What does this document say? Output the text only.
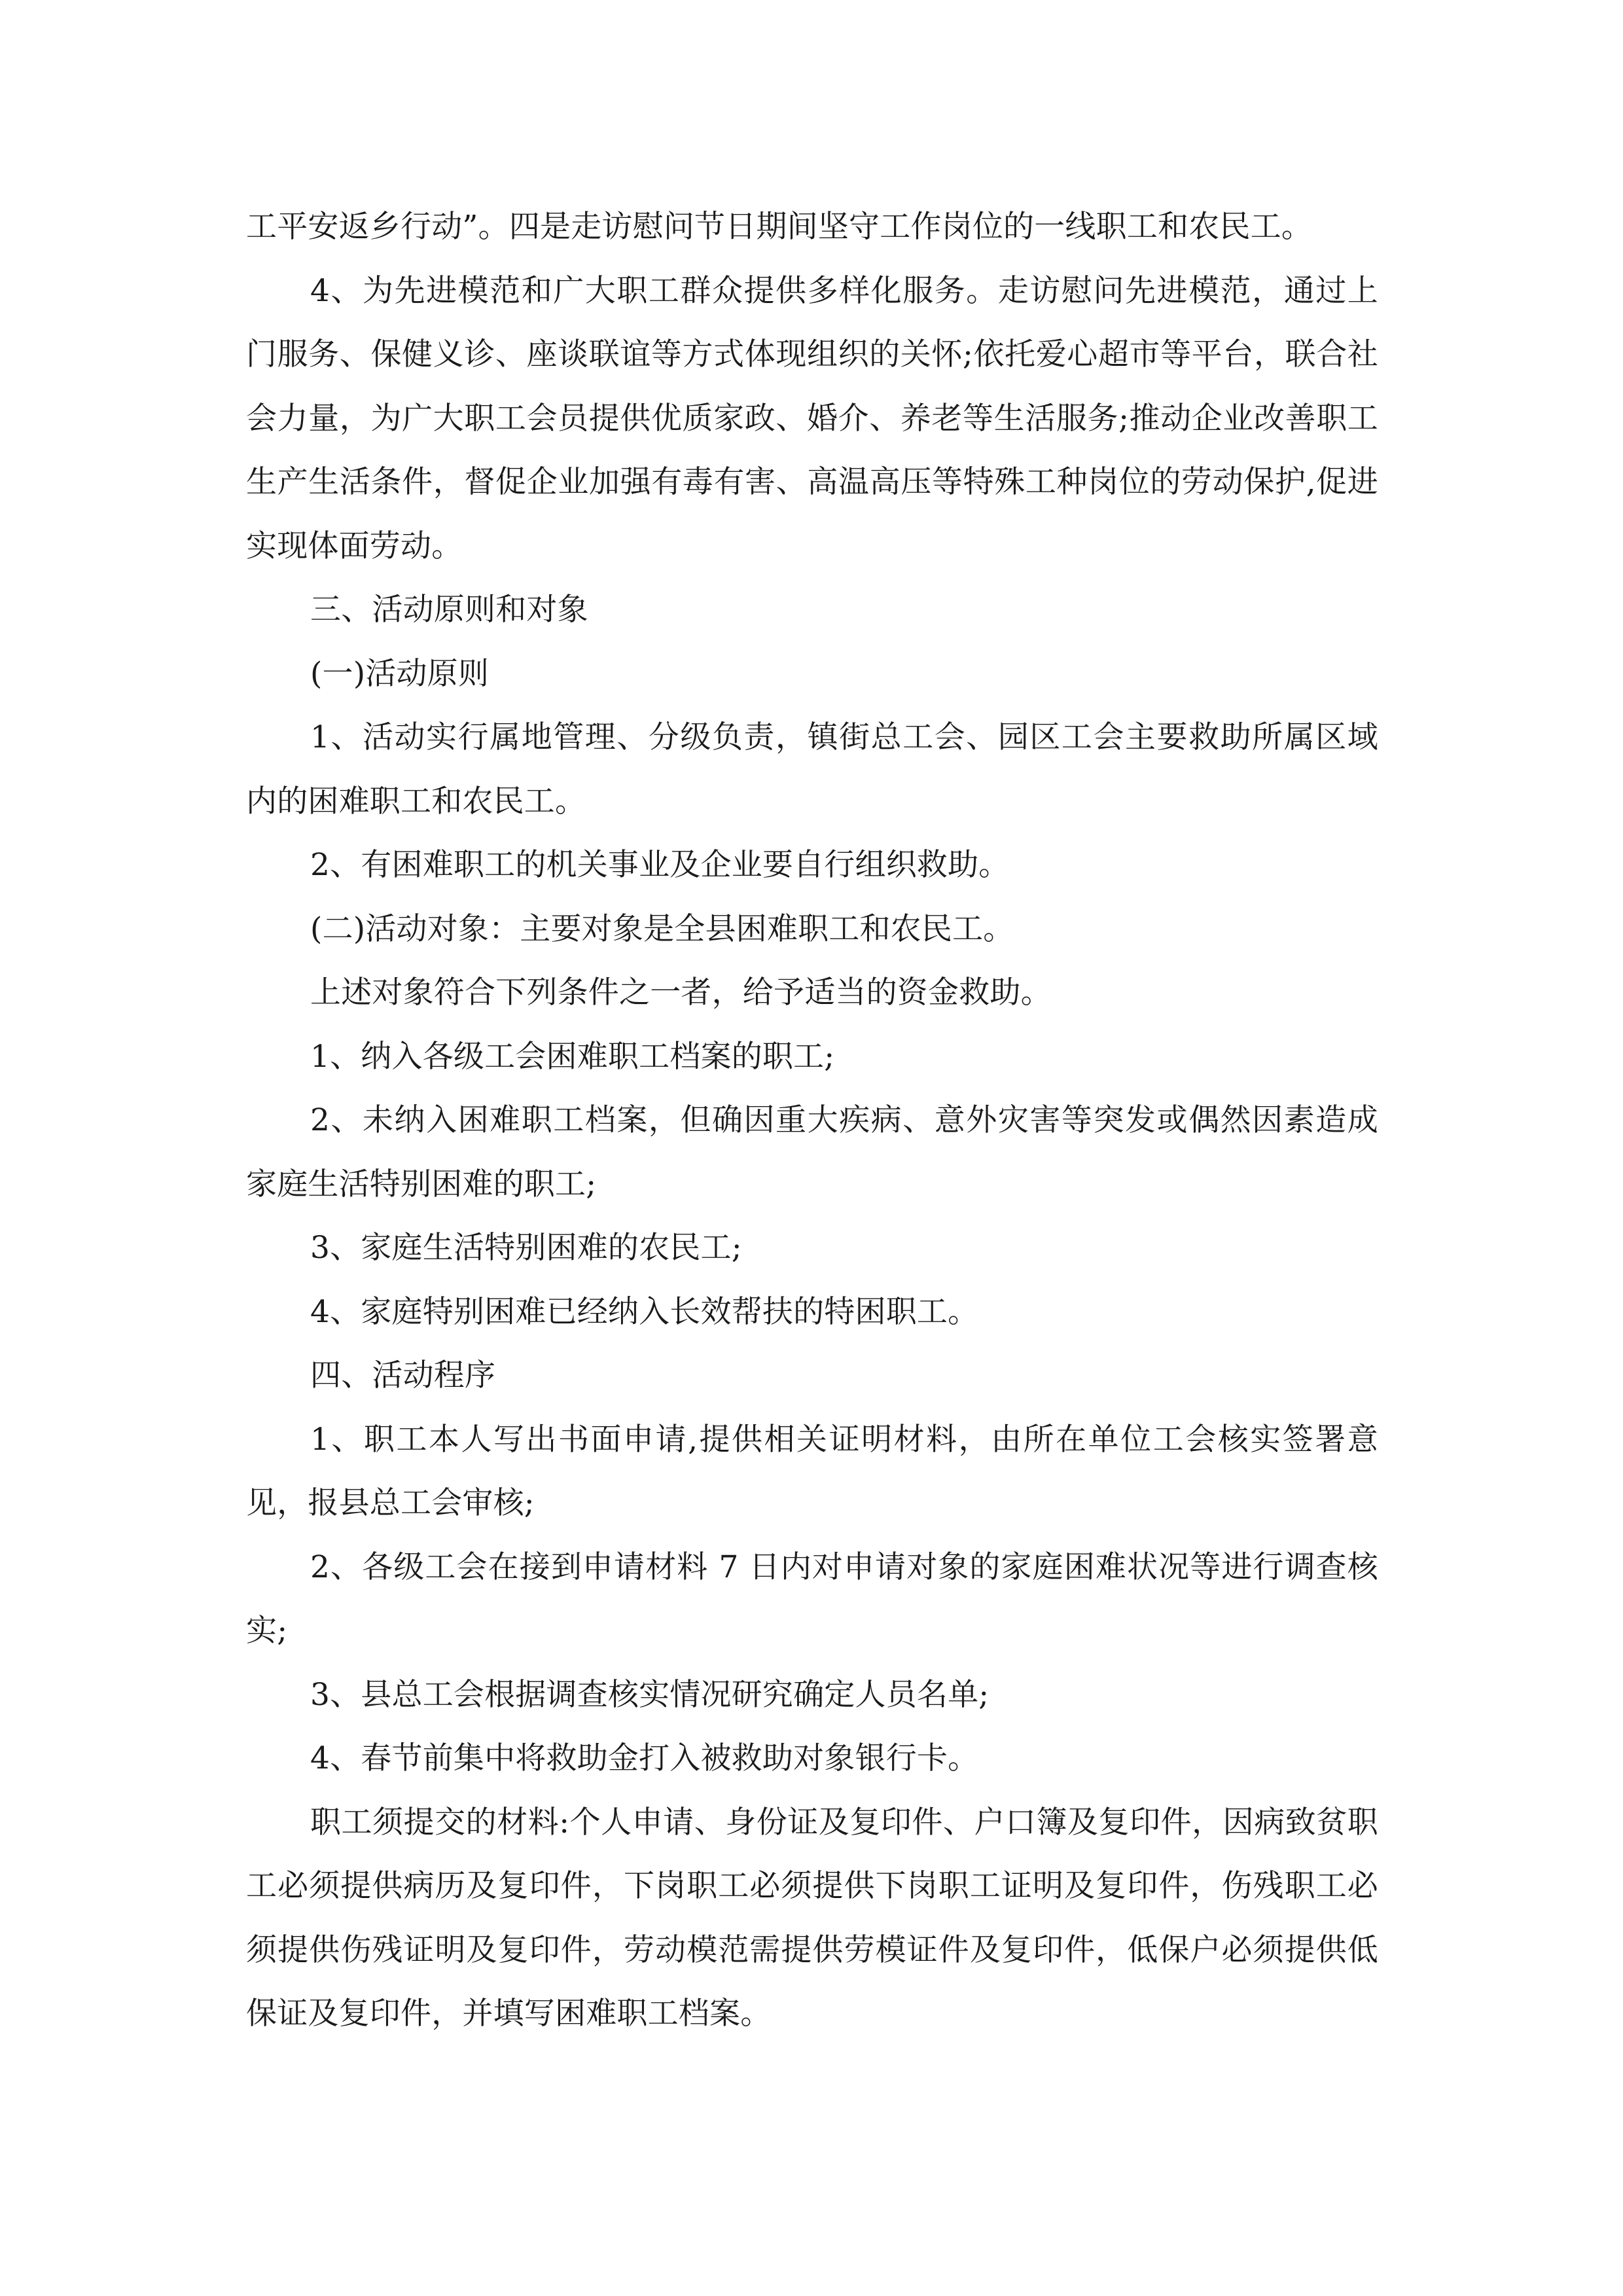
工平安返乡行动”。四是走访慰问节日期间坚守工作岗位的一线职工和农民工。

4、为先进模范和广大职工群众提供多样化服务。走访慰问先进模范，通过上门服务、保健义诊、座谈联谊等方式体现组织的关怀;依托爱心超市等平台，联合社会力量，为广大职工会员提供优质家政、婚介、养老等生活服务;推动企业改善职工生产生活条件，督促企业加强有毒有害、高温高压等特殊工种岗位的劳动保护,促进实现体面劳动。

三、活动原则和对象

(一)活动原则

1、活动实行属地管理、分级负责，镇街总工会、园区工会主要救助所属区域内的困难职工和农民工。

2、有困难职工的机关事业及企业要自行组织救助。

(二)活动对象：主要对象是全县困难职工和农民工。

上述对象符合下列条件之一者，给予适当的资金救助。

1、纳入各级工会困难职工档案的职工;

2、未纳入困难职工档案，但确因重大疾病、意外灾害等突发或偶然因素造成家庭生活特别困难的职工;

3、家庭生活特别困难的农民工;

4、家庭特别困难已经纳入长效帮扶的特困职工。

四、活动程序

1、职工本人写出书面申请,提供相关证明材料，由所在单位工会核实签署意见，报县总工会审核;

2、各级工会在接到申请材料 7 日内对申请对象的家庭困难状况等进行调查核实;

3、县总工会根据调查核实情况研究确定人员名单;

4、春节前集中将救助金打入被救助对象银行卡。

职工须提交的材料:个人申请、身份证及复印件、户口簿及复印件，因病致贫职工必须提供病历及复印件，下岗职工必须提供下岗职工证明及复印件，伤残职工必须提供伤残证明及复印件，劳动模范需提供劳模证件及复印件，低保户必须提供低保证及复印件，并填写困难职工档案。
